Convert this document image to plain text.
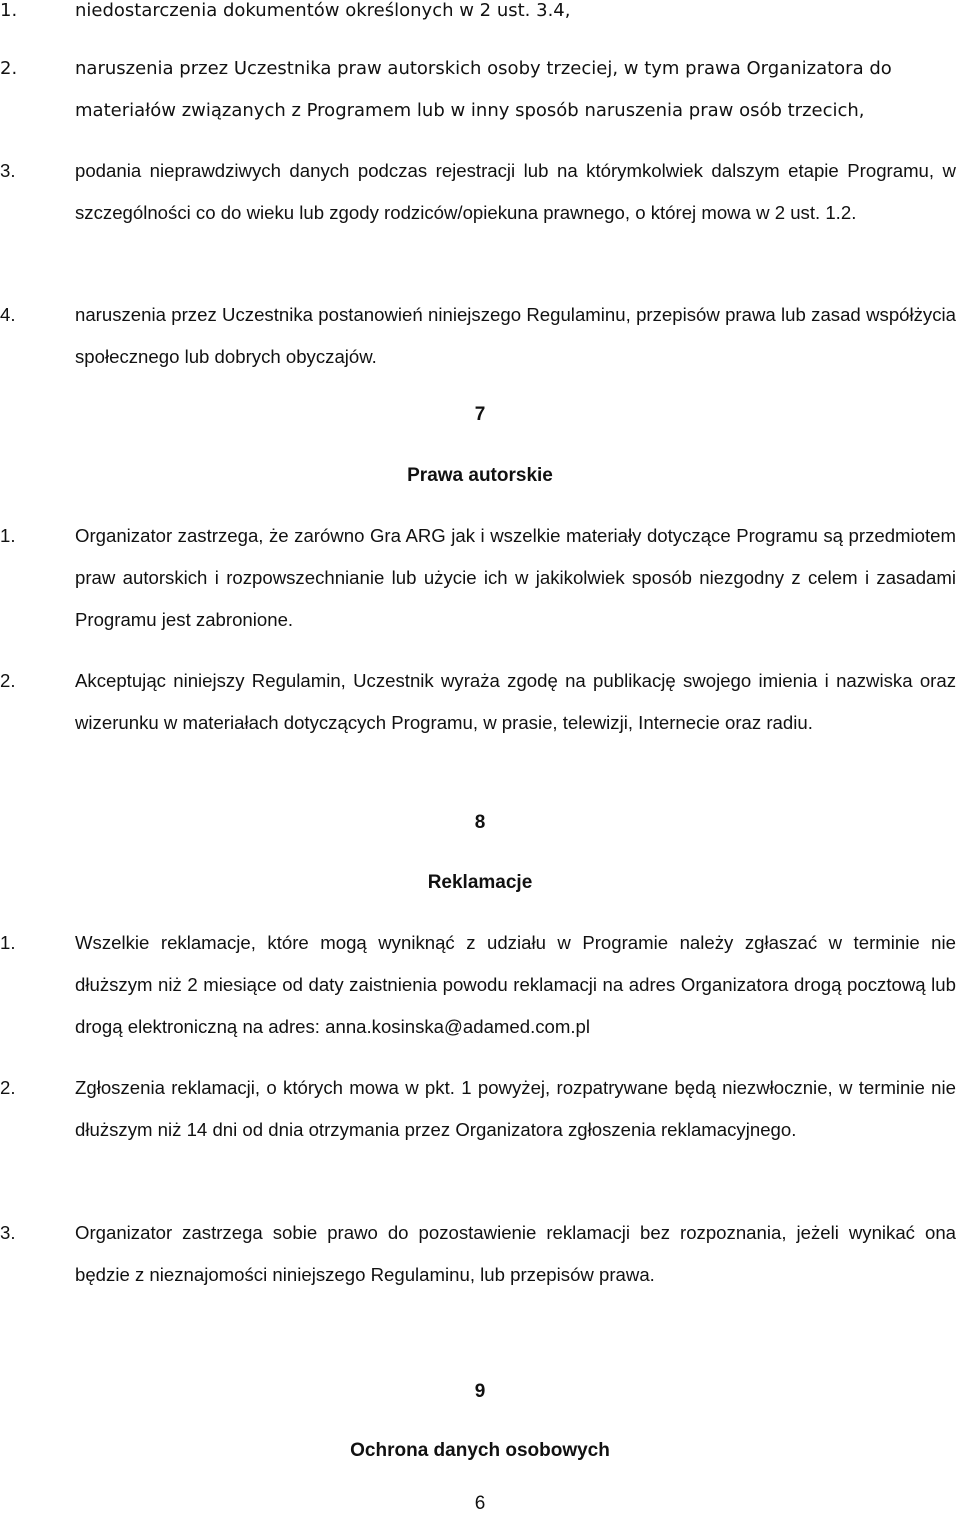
1.	niedostarczenia dokumentów określonych w 2 ust. 3.4,
2.	naruszenia przez Uczestnika praw autorskich osoby trzeciej, w tym prawa Organizatora do materiałów związanych z Programem lub w inny sposób naruszenia praw osób trzecich,
3.	podania nieprawdziwych danych podczas rejestracji lub na którymkolwiek dalszym etapie Programu, w szczególności co do wieku lub zgody rodziców/opiekuna prawnego, o której mowa w 2 ust. 1.2.
4.	naruszenia przez Uczestnika postanowień niniejszego Regulaminu, przepisów prawa lub zasad współżycia społecznego lub dobrych obyczajów.
7
Prawa autorskie
1.	Organizator zastrzega, że zarówno Gra ARG jak i wszelkie materiały dotyczące Programu są przedmiotem praw autorskich i rozpowszechnianie lub użycie ich w jakikolwiek sposób niezgodny z celem i zasadami Programu jest zabronione.
2.	Akceptując niniejszy Regulamin, Uczestnik wyraża zgodę na publikację swojego imienia i nazwiska oraz wizerunku w materiałach dotyczących Programu, w prasie, telewizji, Internecie oraz radiu.
8
Reklamacje
1.	Wszelkie reklamacje, które mogą wyniknąć z udziału w Programie należy zgłaszać w terminie nie dłuższym niż 2 miesiące od daty zaistnienia powodu reklamacji na adres Organizatora drogą pocztową lub drogą elektroniczną na adres: anna.kosinska@adamed.com.pl
2.	Zgłoszenia reklamacji, o których mowa w pkt. 1 powyżej, rozpatrywane będą niezwłocznie, w terminie nie dłuższym niż 14 dni od dnia otrzymania przez Organizatora zgłoszenia reklamacyjnego.
3.	Organizator zastrzega sobie prawo do pozostawienie reklamacji bez rozpoznania, jeżeli wynikać ona będzie z nieznajomości niniejszego Regulaminu, lub przepisów prawa.
9
Ochrona danych osobowych
6
